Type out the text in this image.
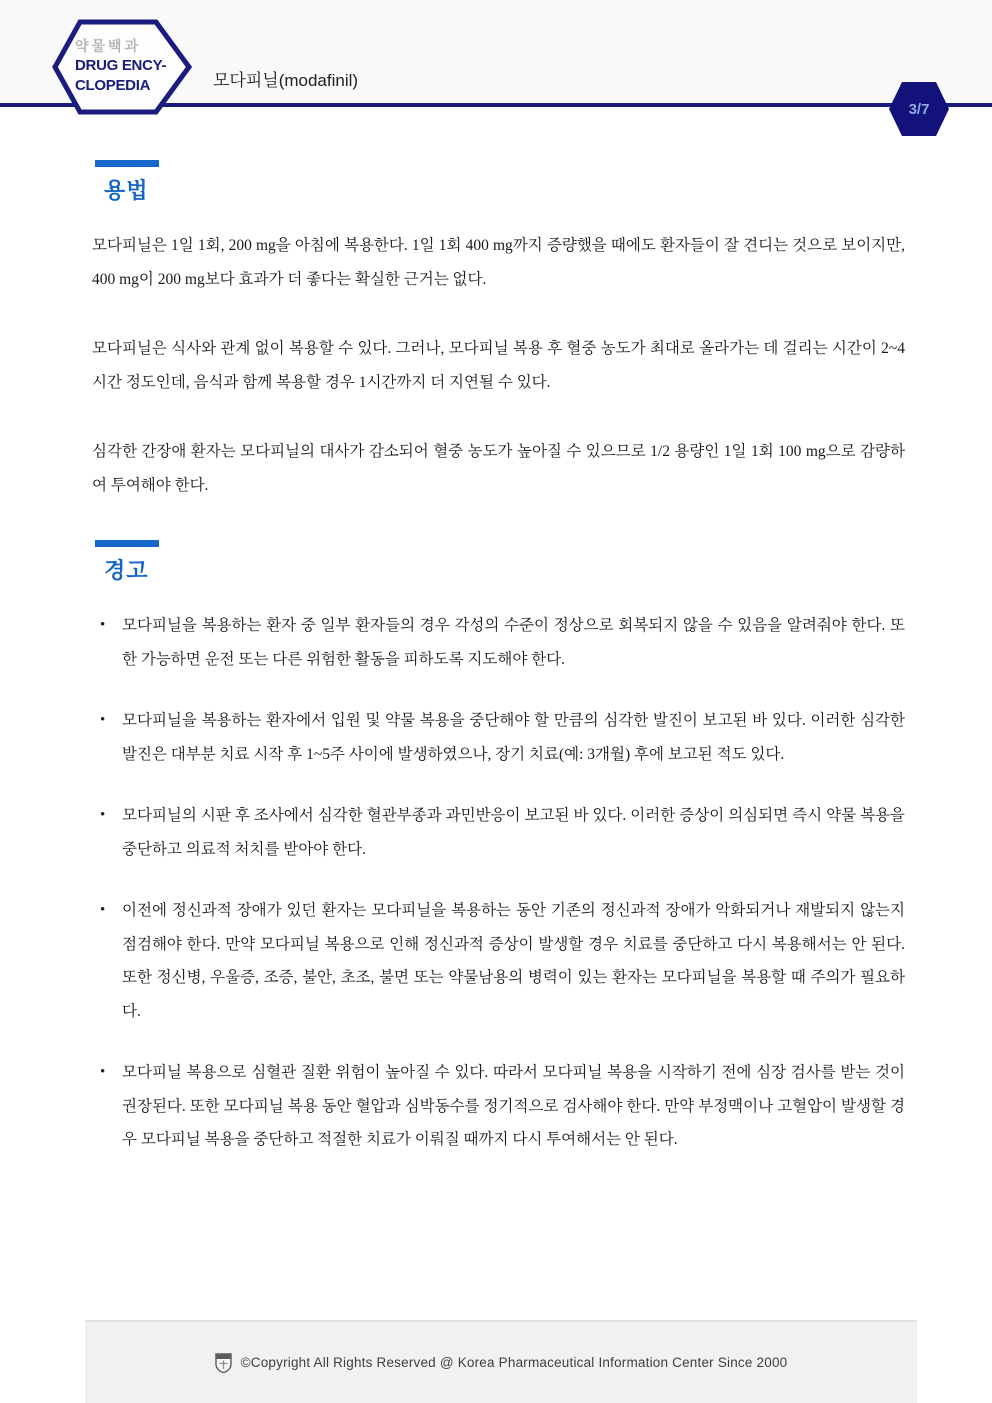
약물백과
DRUG ENCY-
CLOPEDIA	모다피닐(modafinil)
3/7
용법

모다피닐은 1일 1회, 200 mg을 아침에 복용한다. 1일 1회 400 mg까지 증량했을 때에도 환자들이 잘 견디는 것으로 보이지만, 400 mg이 200 mg보다 효과가 더 좋다는 확실한 근거는 없다.

모다피닐은 식사와 관계 없이 복용할 수 있다. 그러나, 모다피닐 복용 후 혈중 농도가 최대로 올라가는 데 걸리는 시간이 2~4시간 정도인데, 음식과 함께 복용할 경우 1시간까지 더 지연될 수 있다.

심각한 간장애 환자는 모다피닐의 대사가 감소되어 혈중 농도가 높아질 수 있으므로 1/2 용량인 1일 1회 100 mg으로 감량하여 투여해야 한다.

경고
• 모다피닐을 복용하는 환자 중 일부 환자들의 경우 각성의 수준이 정상으로 회복되지 않을 수 있음을 알려줘야 한다. 또한 가능하면 운전 또는 다른 위험한 활동을 피하도록 지도해야 한다.
• 모다피닐을 복용하는 환자에서 입원 및 약물 복용을 중단해야 할 만큼의 심각한 발진이 보고된 바 있다. 이러한 심각한 발진은 대부분 치료 시작 후 1~5주 사이에 발생하였으나, 장기 치료(예: 3개월) 후에 보고된 적도 있다.
• 모다피닐의 시판 후 조사에서 심각한 혈관부종과 과민반응이 보고된 바 있다. 이러한 증상이 의심되면 즉시 약물 복용을 중단하고 의료적 처치를 받아야 한다.
• 이전에 정신과적 장애가 있던 환자는 모다피닐을 복용하는 동안 기존의 정신과적 장애가 악화되거나 재발되지 않는지 점검해야 한다. 만약 모다피닐 복용으로 인해 정신과적 증상이 발생할 경우 치료를 중단하고 다시 복용해서는 안 된다. 또한 정신병, 우울증, 조증, 불안, 초조, 불면 또는 약물남용의 병력이 있는 환자는 모다피닐을 복용할 때 주의가 필요하다.
• 모다피닐 복용으로 심혈관 질환 위험이 높아질 수 있다. 따라서 모다피닐 복용을 시작하기 전에 심장 검사를 받는 것이 권장된다. 또한 모다피닐 복용 동안 혈압과 심박동수를 정기적으로 검사해야 한다. 만약 부정맥이나 고혈압이 발생할 경우 모다피닐 복용을 중단하고 적절한 치료가 이뤄질 때까지 다시 투여해서는 안 된다.
©Copyright All Rights Reserved @ Korea Pharmaceutical Information Center Since 2000
